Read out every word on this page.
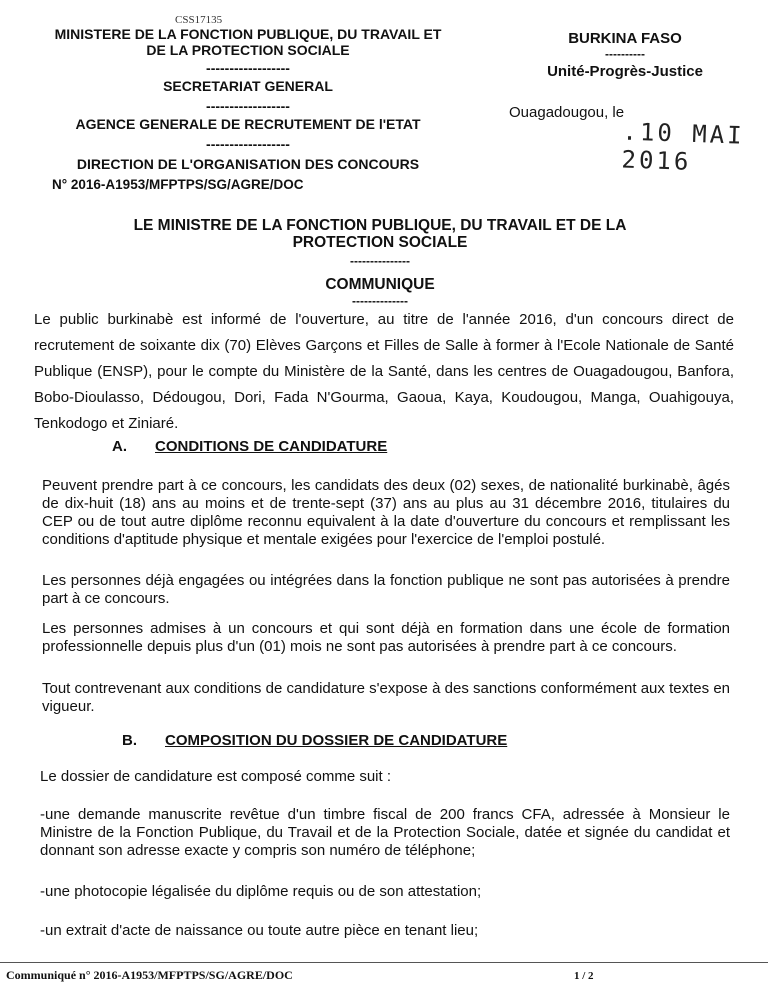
CSS17135
MINISTERE DE LA FONCTION PUBLIQUE, DU TRAVAIL ET
DE LA PROTECTION SOCIALE
------------------
SECRETARIAT GENERAL
------------------
AGENCE GENERALE DE RECRUTEMENT DE l'ETAT
------------------
DIRECTION DE L'ORGANISATION DES CONCOURS
BURKINA FASO
----------
Unité-Progrès-Justice
Ouagadougou, le
.10 MAI 2016
N° 2016-A1953/MFPTPS/SG/AGRE/DOC
LE MINISTRE DE LA FONCTION PUBLIQUE, DU TRAVAIL ET DE LA
PROTECTION SOCIALE
---------------
COMMUNIQUE
--------------
Le public burkinabè est informé de l'ouverture, au titre de l'année 2016, d'un concours direct de recrutement de soixante dix (70) Elèves Garçons et Filles de Salle à former à l'Ecole Nationale de Santé Publique (ENSP), pour le compte du Ministère de la Santé, dans les centres de Ouagadougou, Banfora, Bobo-Dioulasso, Dédougou, Dori, Fada N'Gourma, Gaoua, Kaya, Koudougou, Manga, Ouahigouya, Tenkodogo et Ziniaré.
A. CONDITIONS DE CANDIDATURE
Peuvent prendre part à ce concours, les candidats des deux (02) sexes, de nationalité burkinabè, âgés de dix-huit (18) ans au moins et de trente-sept (37) ans au plus au 31 décembre 2016, titulaires du CEP ou de tout autre diplôme reconnu equivalent à la date d'ouverture du concours et remplissant les conditions d'aptitude physique et mentale exigées pour l'exercice de l'emploi postulé.
Les personnes déjà engagées ou intégrées dans la fonction publique ne sont pas autorisées à prendre part à ce concours.
Les personnes admises à un concours et qui sont déjà en formation dans une école de formation professionnelle depuis plus d'un (01) mois ne sont pas autorisées à prendre part à ce concours.
Tout contrevenant aux conditions de candidature s'expose à des sanctions conformément aux textes en vigueur.
B. COMPOSITION DU DOSSIER DE CANDIDATURE
Le dossier de candidature est composé comme suit :
-une demande manuscrite revêtue d'un timbre fiscal de 200 francs CFA, adressée à Monsieur le Ministre de la Fonction Publique, du Travail et de la Protection Sociale, datée et signée du candidat et donnant son adresse exacte y compris son numéro de téléphone;
-une photocopie légalisée du diplôme requis ou de son attestation;
-un extrait d'acte de naissance ou toute autre pièce en tenant lieu;
Communiqué n° 2016-A1953/MFPTPS/SG/AGRE/DOC	1 / 2
